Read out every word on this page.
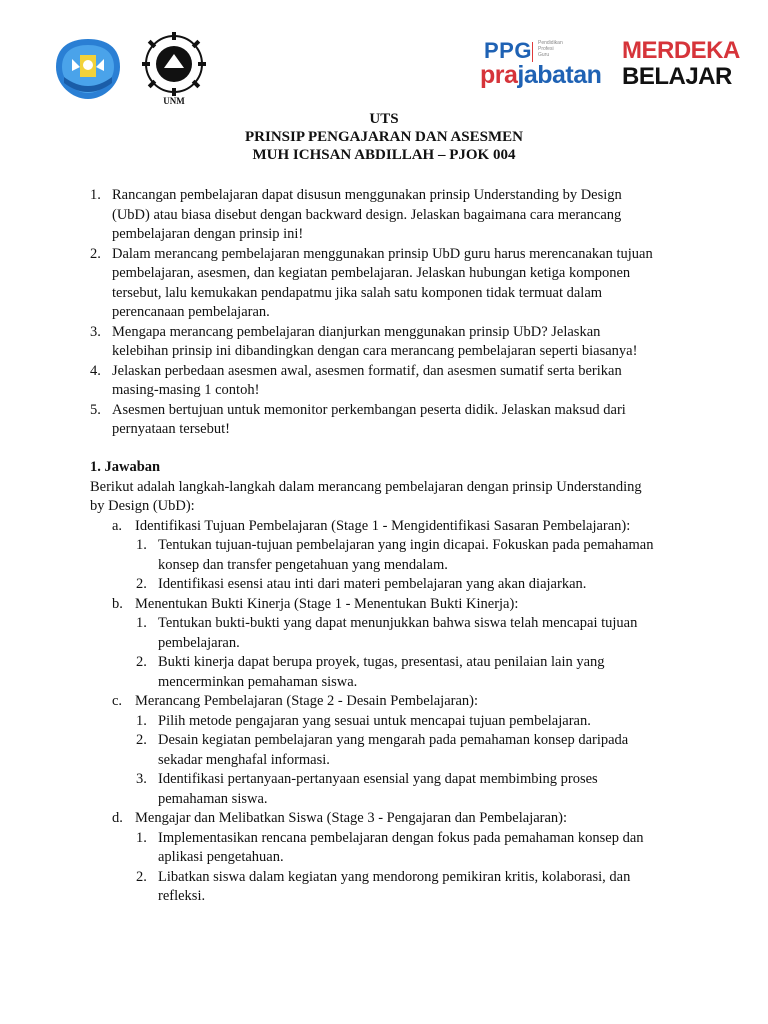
UNM
PPG Pendidikan
Profesi
Guru
prajabatan
MERDEKA
BELAJAR
UTS
PRINSIP PENGAJARAN DAN ASESMEN
MUH ICHSAN ABDILLAH – PJOK 004
1. Rancangan pembelajaran dapat disusun menggunakan prinsip Understanding by Design
(UbD) atau biasa disebut dengan backward design. Jelaskan bagaimana cara merancang
pembelajaran dengan prinsip ini!
2. Dalam merancang pembelajaran menggunakan prinsip UbD guru harus merencanakan tujuan
pembelajaran, asesmen, dan kegiatan pembelajaran. Jelaskan hubungan ketiga komponen
tersebut, lalu kemukakan pendapatmu jika salah satu komponen tidak termuat dalam
perencanaan pembelajaran.
3. Mengapa merancang pembelajaran dianjurkan menggunakan prinsip UbD? Jelaskan
kelebihan prinsip ini dibandingkan dengan cara merancang pembelajaran seperti biasanya!
4. Jelaskan perbedaan asesmen awal, asesmen formatif, dan asesmen sumatif serta berikan
masing-masing 1 contoh!
5. Asesmen bertujuan untuk memonitor perkembangan peserta didik. Jelaskan maksud dari
pernyataan tersebut!
1. Jawaban
Berikut adalah langkah-langkah dalam merancang pembelajaran dengan prinsip Understanding
by Design (UbD):
a. Identifikasi Tujuan Pembelajaran (Stage 1 - Mengidentifikasi Sasaran Pembelajaran):
1. Tentukan tujuan-tujuan pembelajaran yang ingin dicapai. Fokuskan pada pemahaman
konsep dan transfer pengetahuan yang mendalam.
2. Identifikasi esensi atau inti dari materi pembelajaran yang akan diajarkan.
b. Menentukan Bukti Kinerja (Stage 1 - Menentukan Bukti Kinerja):
1. Tentukan bukti-bukti yang dapat menunjukkan bahwa siswa telah mencapai tujuan
pembelajaran.
2. Bukti kinerja dapat berupa proyek, tugas, presentasi, atau penilaian lain yang
mencerminkan pemahaman siswa.
c. Merancang Pembelajaran (Stage 2 - Desain Pembelajaran):
1. Pilih metode pengajaran yang sesuai untuk mencapai tujuan pembelajaran.
2. Desain kegiatan pembelajaran yang mengarah pada pemahaman konsep daripada
sekadar menghafal informasi.
3. Identifikasi pertanyaan-pertanyaan esensial yang dapat membimbing proses
pemahaman siswa.
d. Mengajar dan Melibatkan Siswa (Stage 3 - Pengajaran dan Pembelajaran):
1. Implementasikan rencana pembelajaran dengan fokus pada pemahaman konsep dan
aplikasi pengetahuan.
2. Libatkan siswa dalam kegiatan yang mendorong pemikiran kritis, kolaborasi, dan
refleksi.
